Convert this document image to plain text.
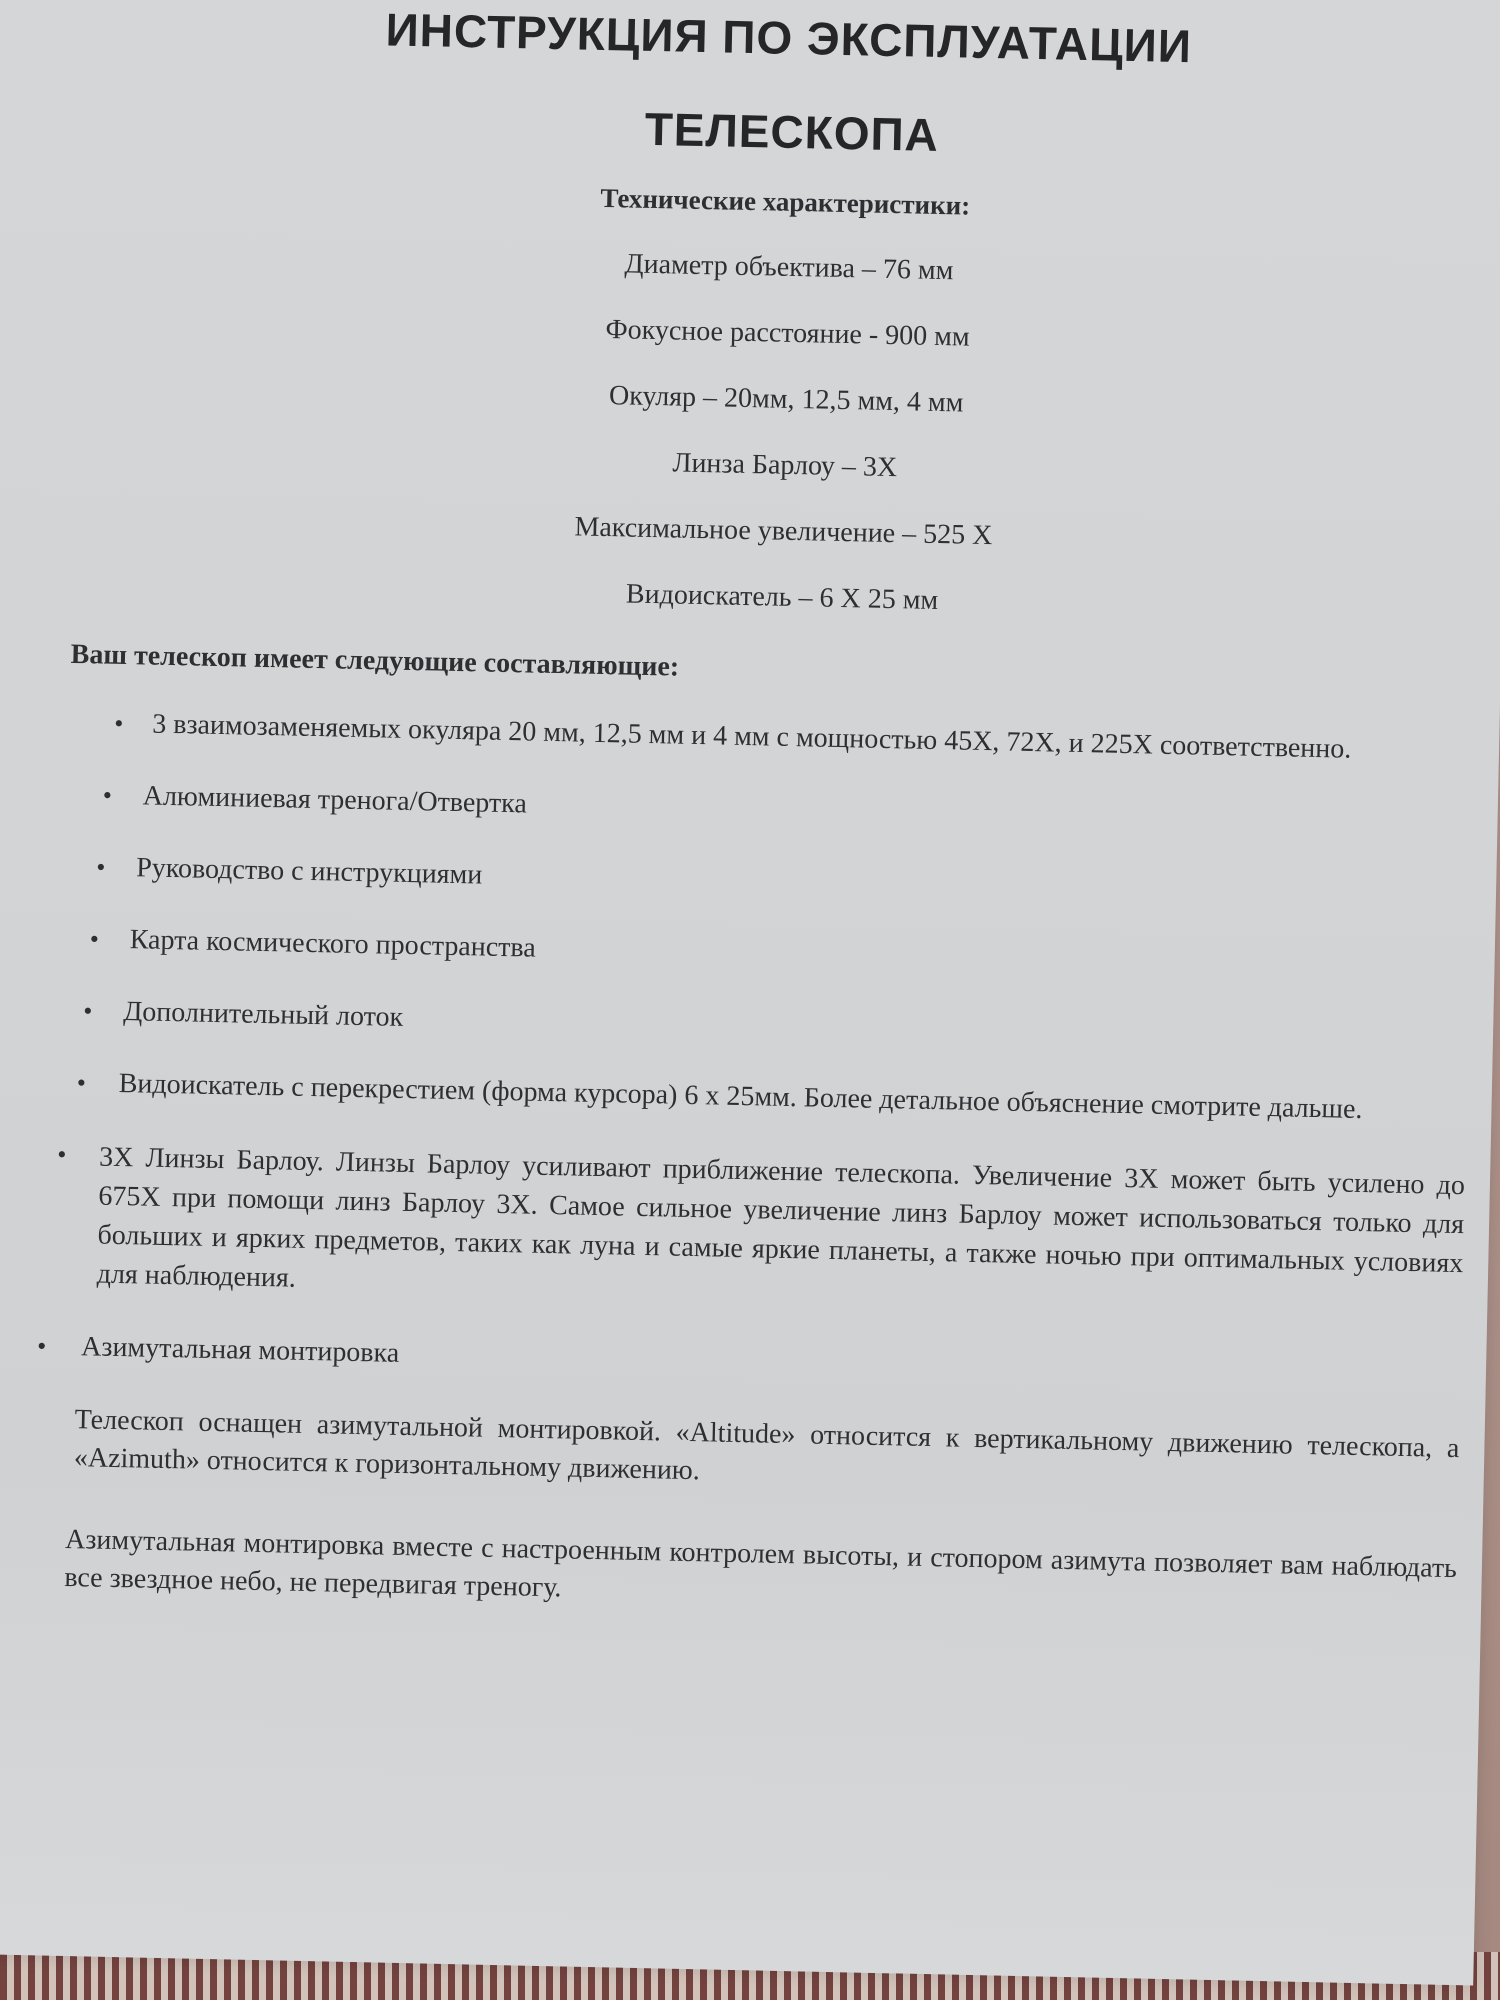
ИНСТРУКЦИЯ ПО ЭКСПЛУАТАЦИИ
ТЕЛЕСКОПА
Технические характеристики:
Диаметр объектива – 76 мм
Фокусное расстояние - 900 мм
Окуляр – 20мм, 12,5 мм, 4 мм
Линза Барлоу – 3Х
Максимальное увеличение – 525 Х
Видоискатель – 6 Х 25 мм
Ваш телескоп имеет следующие составляющие:
• 3 взаимозаменяемых окуляра 20 мм, 12,5 мм и 4 мм с мощностью 45Х, 72Х, и 225Х соответственно.
• Алюминиевая тренога/Отвертка
• Руководство с инструкциями
• Карта космического пространства
• Дополнительный лоток
• Видоискатель с перекрестием (форма курсора) 6 х 25мм. Более детальное объяснение смотрите дальше.
• 3Х Линзы Барлоу. Линзы Барлоу усиливают приближение телескопа. Увеличение 3Х может быть усилено до 675Х при помощи линз Барлоу 3Х. Самое сильное увеличение линз Барлоу может использоваться только для больших и ярких предметов, таких как луна и самые яркие планеты, а также ночью при оптимальных условиях для наблюдения.
• Азимутальная монтировка

Телескоп оснащен азимутальной монтировкой. «Altitude» относится к вертикальному движению телескопа, а «Azimuth» относится к горизонтальному движению.

Азимутальная монтировка вместе с настроенным контролем высоты, и стопором азимута позволяет вам наблюдать все звездное небо, не передвигая треногу.
